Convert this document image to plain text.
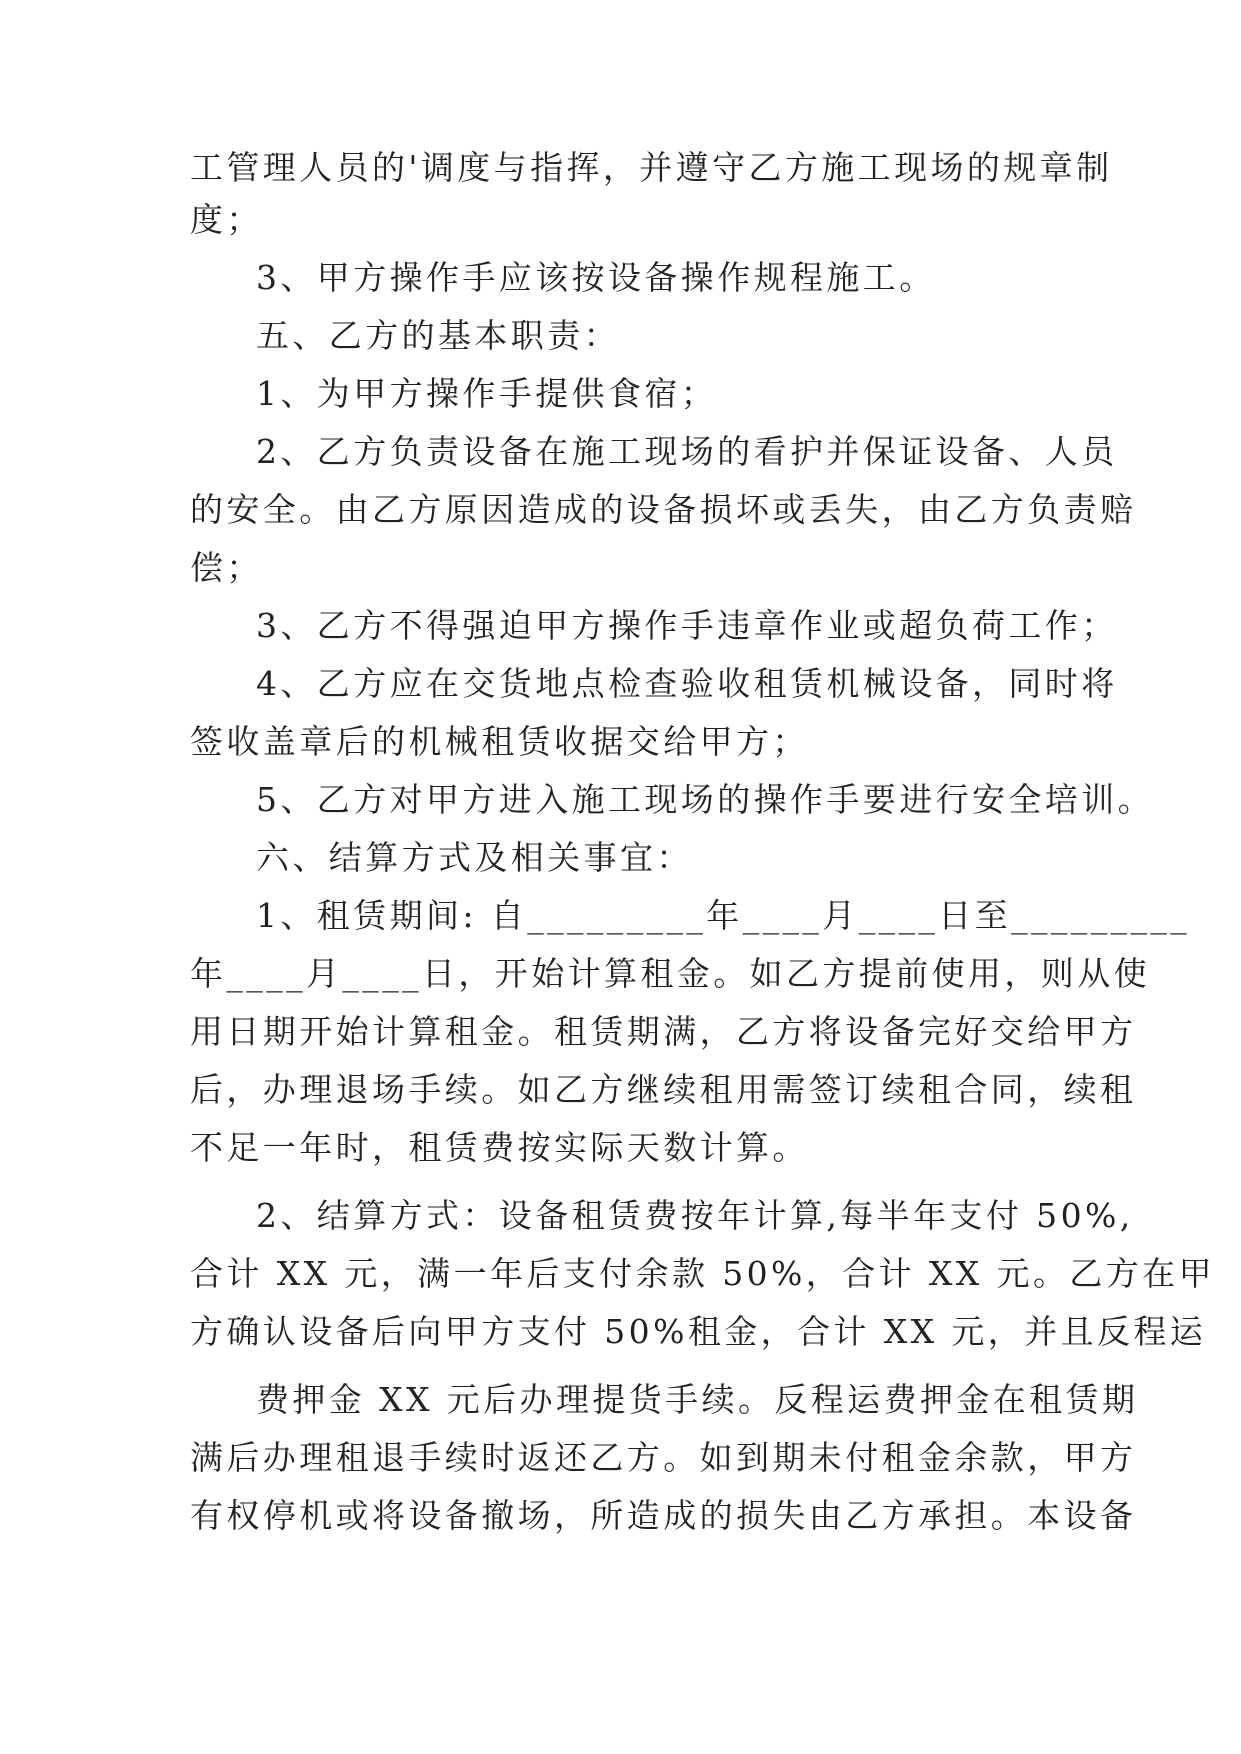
工管理人员的'调度与指挥，并遵守乙方施工现场的规章制
度；
3、甲方操作手应该按设备操作规程施工。
五、乙方的基本职责：
1、为甲方操作手提供食宿；
2、乙方负责设备在施工现场的看护并保证设备、人员
的安全。由乙方原因造成的设备损坏或丢失，由乙方负责赔
偿；
3、乙方不得强迫甲方操作手违章作业或超负荷工作；
4、乙方应在交货地点检查验收租赁机械设备，同时将
签收盖章后的机械租赁收据交给甲方；
5、乙方对甲方进入施工现场的操作手要进行安全培训。
六、结算方式及相关事宜：
1、租赁期间: 自_________年____月____日至_________
年____月____日，开始计算租金。如乙方提前使用，则从使
用日期开始计算租金。租赁期满，乙方将设备完好交给甲方
后，办理退场手续。如乙方继续租用需签订续租合同，续租
不足一年时，租赁费按实际天数计算。
2、结算方式：设备租赁费按年计算,每半年支付 50%,
合计 XX 元，满一年后支付余款 50%，合计 XX 元。乙方在甲
方确认设备后向甲方支付 50%租金，合计 XX 元，并且反程运
费押金 XX 元后办理提货手续。反程运费押金在租赁期
满后办理租退手续时返还乙方。如到期未付租金余款，甲方
有权停机或将设备撤场，所造成的损失由乙方承担。本设备
